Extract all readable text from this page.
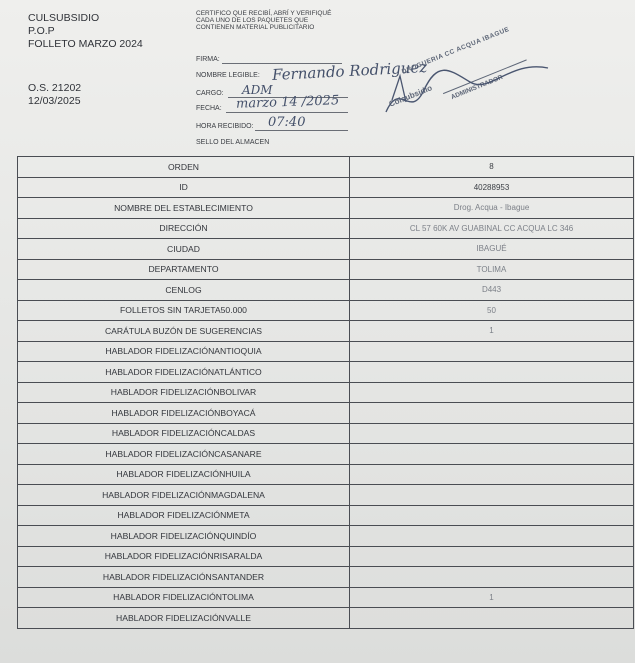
CULSUBSIDIO
P.O.P
FOLLETO MARZO 2024
O.S. 21202
12/03/2025
CERTIFICO QUE RECIBÍ, ABRÍ Y VERIFIQUÉ CADA UNO DE LOS PAQUETES QUE CONTIENEN MATERIAL PUBLICITARIO
FIRMA:
NOMBRE LEGIBLE: Fernando Rodriguez
CARGO: ADM
FECHA: marzo 14 /2025
HORA RECIBIDO: 07:40
SELLO DEL ALMACEN
DROGUERIA CC ACQUA IBAGUE
Colsubsidio	ADMINISTRADOR
ORDEN	8
ID	40288953
NOMBRE DEL ESTABLECIMIENTO	Drog. Acqua - Ibague
DIRECCIÓN	CL 57 60K AV GUABINAL CC ACQUA LC 346
CIUDAD	IBAGUÉ
DEPARTAMENTO	TOLIMA
CENLOG	D443
FOLLETOS SIN TARJETA50.000	50
CARÁTULA BUZÓN DE SUGERENCIAS	1
HABLADOR FIDELIZACIÓNANTIOQUIA	
HABLADOR FIDELIZACIÓNATLÁNTICO	
HABLADOR FIDELIZACIÓNBOLIVAR	
HABLADOR FIDELIZACIÓNBOYACÁ	
HABLADOR FIDELIZACIÓNCALDAS	
HABLADOR FIDELIZACIÓNCASANARE	
HABLADOR FIDELIZACIÓNHUILA	
HABLADOR FIDELIZACIÓNMAGDALENA	
HABLADOR FIDELIZACIÓNMETA	
HABLADOR FIDELIZACIÓNQUINDÍO	
HABLADOR FIDELIZACIÓNRISARALDA	
HABLADOR FIDELIZACIÓNSANTANDER	
HABLADOR FIDELIZACIÓNTOLIMA	1
HABLADOR FIDELIZACIÓNVALLE	
